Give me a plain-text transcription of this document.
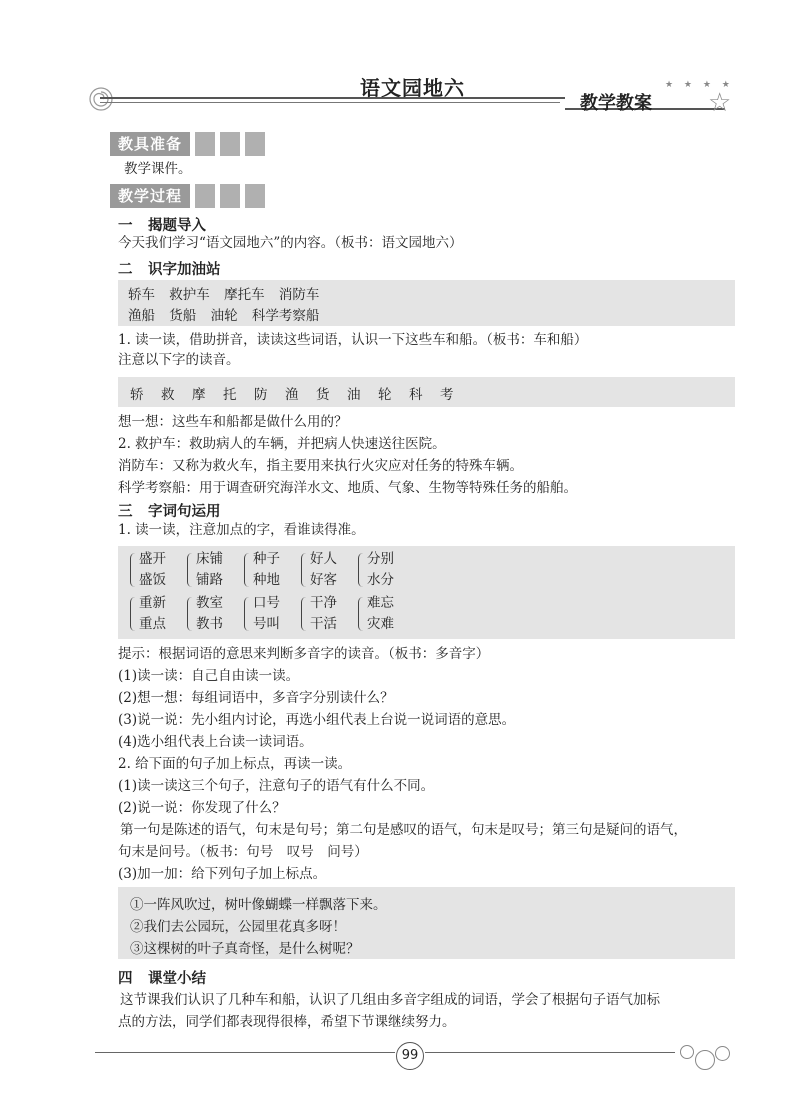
语文园地六
教学教案
★ ★ ★ ★
☆
教具准备
教学课件。
教学过程
一 揭题导入
今天我们学习“语文园地六”的内容。（板书：语文园地六）
二 识字加油站
轿车 救护车 摩托车 消防车
渔船 货船 油轮 科学考察船
1. 读一读，借助拼音，读读这些词语，认识一下这些车和船。（板书：车和船）
注意以下字的读音。
轿 救 摩 托 防 渔 货 油 轮 科 考
想一想：这些车和船都是做什么用的？
2. 救护车：救助病人的车辆，并把病人快速送往医院。
消防车：又称为救火车，指主要用来执行火灾应对任务的特殊车辆。
科学考察船：用于调查研究海洋水文、地质、气象、生物等特殊任务的船舶。
三 字词句运用
1. 读一读，注意加点的字，看谁读得准。
盛开
盛饭
床铺
铺路
种子
种地
好人
好客
分别
水分
重新
重点
教室
教书
口号
号叫
干净
干活
难忘
灾难
提示：根据词语的意思来判断多音字的读音。（板书：多音字）
(1)读一读：自己自由读一读。
(2)想一想：每组词语中，多音字分别读什么？
(3)说一说：先小组内讨论，再选小组代表上台说一说词语的意思。
(4)选小组代表上台读一读词语。
2. 给下面的句子加上标点，再读一读。
(1)读一读这三个句子，注意句子的语气有什么不同。
(2)说一说：你发现了什么？
第一句是陈述的语气，句末是句号；第二句是感叹的语气，句末是叹号；第三句是疑问的语气，
句末是问号。（板书：句号　叹号　问号）
(3)加一加：给下列句子加上标点。
①一阵风吹过，树叶像蝴蝶一样飘落下来。
②我们去公园玩，公园里花真多呀！
③这棵树的叶子真奇怪，是什么树呢？
四 课堂小结
这节课我们认识了几种车和船，认识了几组由多音字组成的词语，学会了根据句子语气加标
点的方法，同学们都表现得很棒，希望下节课继续努力。
99
